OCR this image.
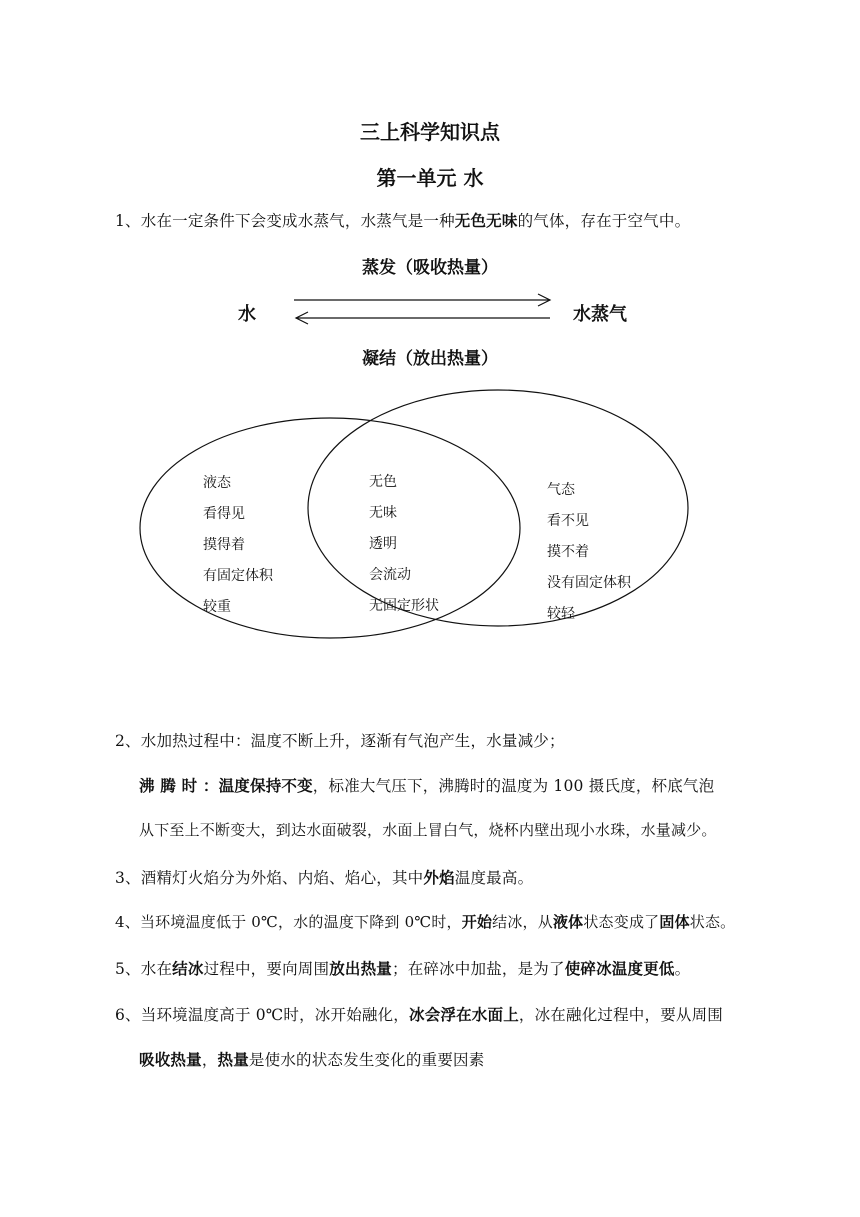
三上科学知识点
第一单元 水
1、水在一定条件下会变成水蒸气，水蒸气是一种无色无味的气体，存在于空气中。
蒸发（吸收热量）
水	水蒸气
凝结（放出热量）
液态
看得见
摸得着
有固定体积
较重
无色
无味
透明
会流动
无固定形状
气态
看不见
摸不着
没有固定体积
较轻
2、水加热过程中：温度不断上升，逐渐有气泡产生，水量减少；
沸 腾 时 ：温度保持不变，标准大气压下，沸腾时的温度为 100 摄氏度，杯底气泡
从下至上不断变大，到达水面破裂，水面上冒白气，烧杯内壁出现小水珠，水量减少。
3、酒精灯火焰分为外焰、内焰、焰心，其中外焰温度最高。
4、当环境温度低于 0℃，水的温度下降到 0℃时，开始结冰，从液体状态变成了固体状态。
5、水在结冰过程中，要向周围放出热量；在碎冰中加盐，是为了使碎冰温度更低。
6、当环境温度高于 0℃时，冰开始融化，冰会浮在水面上，冰在融化过程中，要从周围
吸收热量，热量是使水的状态发生变化的重要因素
